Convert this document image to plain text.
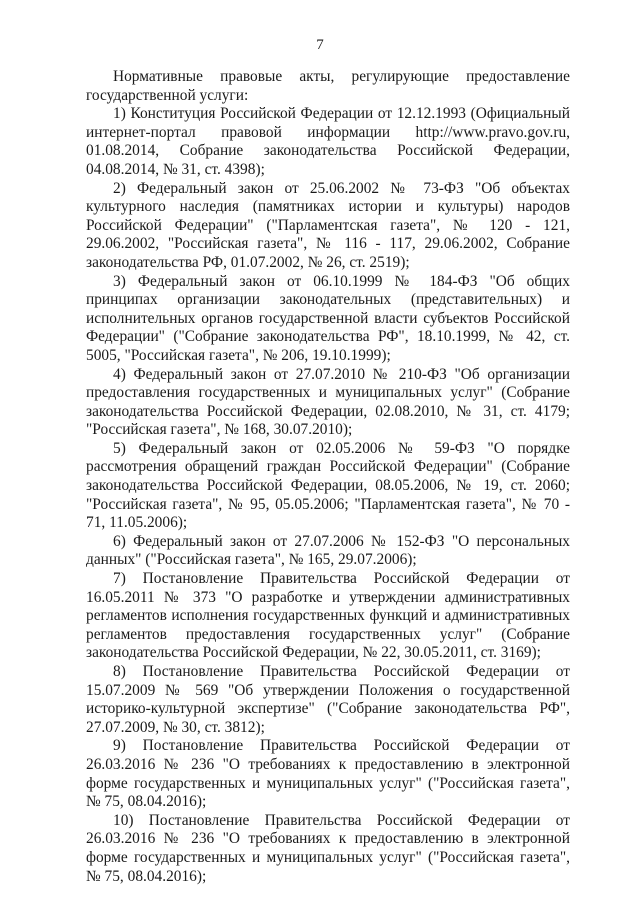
7

Нормативные правовые акты, регулирующие предоставление государственной услуги:

1) Конституция Российской Федерации от 12.12.1993 (Официальный интернет-портал правовой информации http://www.pravo.gov.ru, 01.08.2014, Собрание законодательства Российской Федерации, 04.08.2014, № 31, ст. 4398);

2) Федеральный закон от 25.06.2002 № 73-ФЗ "Об объектах культурного наследия (памятниках истории и культуры) народов Российской Федерации" ("Парламентская газета", № 120 - 121, 29.06.2002, "Российская газета", № 116 - 117, 29.06.2002, Собрание законодательства РФ, 01.07.2002, № 26, ст. 2519);

3) Федеральный закон от 06.10.1999 № 184-ФЗ "Об общих принципах организации законодательных (представительных) и исполнительных органов государственной власти субъектов Российской Федерации" ("Собрание законодательства РФ", 18.10.1999, № 42, ст. 5005, "Российская газета", № 206, 19.10.1999);

4) Федеральный закон от 27.07.2010 № 210-ФЗ "Об организации предоставления государственных и муниципальных услуг" (Собрание законодательства Российской Федерации, 02.08.2010, № 31, ст. 4179; "Российская газета", № 168, 30.07.2010);

5) Федеральный закон от 02.05.2006 № 59-ФЗ "О порядке рассмотрения обращений граждан Российской Федерации" (Собрание законодательства Российской Федерации, 08.05.2006, № 19, ст. 2060; "Российская газета", № 95, 05.05.2006; "Парламентская газета", № 70 - 71, 11.05.2006);

6) Федеральный закон от 27.07.2006 № 152-ФЗ "О персональных данных" ("Российская газета", № 165, 29.07.2006);

7) Постановление Правительства Российской Федерации от 16.05.2011 № 373 "О разработке и утверждении административных регламентов исполнения государственных функций и административных регламентов предоставления государственных услуг" (Собрание законодательства Российской Федерации, № 22, 30.05.2011, ст. 3169);

8) Постановление Правительства Российской Федерации от 15.07.2009 № 569 "Об утверждении Положения о государственной историко-культурной экспертизе" ("Собрание законодательства РФ", 27.07.2009, № 30, ст. 3812);

9) Постановление Правительства Российской Федерации от 26.03.2016 № 236 "О требованиях к предоставлению в электронной форме государственных и муниципальных услуг" ("Российская газета", № 75, 08.04.2016);

10) Постановление Правительства Российской Федерации от 26.03.2016 № 236 "О требованиях к предоставлению в электронной форме государственных и муниципальных услуг" ("Российская газета", № 75, 08.04.2016);
